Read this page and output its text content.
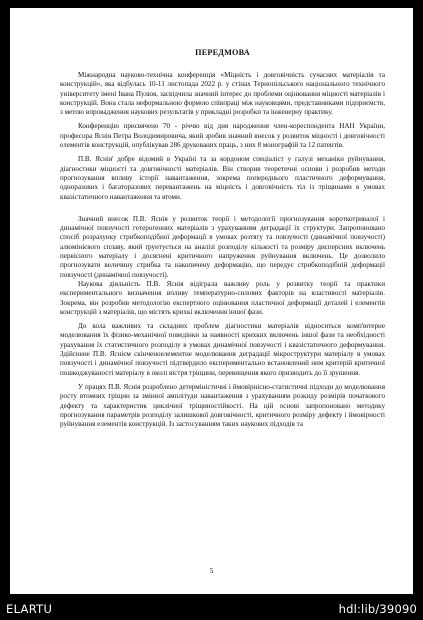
ПЕРЕДМОВА

Міжнародна науково-технічна конференція «Міцність і довговічність сучасних матеріалів та конструкцій», яка відбулась 10-11 листопада 2022 р. у стінах Тернопільського національного технічного університету імені Івана Пулюя, засвідчила значний інтерес до проблеми оцінювання міцності матеріалів і конструкцій. Вона стала неформальною формою співпраці між науковцями, представниками підприємств, з метою впровадження наукових результатів у прикладні розробки та інженерну практику.

Конференцію присвячено 70 - річчю від дня народження член-кореспондента НАН України, професора Яснія Петра Володимировича, який зробив значний внесок у розвиток міцності і довговічності елементів конструкцій, опублікував 286 друкованих праць, з них 8 монографій та 12 патентів.

П.В. Яснія' добре відомий в Україні та за кордоном спеціаліст у галузі механіки руйнування, діагностики міцності та довговічності матеріалів. Він створив теоретичні основи і розробив методи прогнозування впливу історії навантаження, зокрема попереднього пластичного деформування, одноразових і багаторазових перевантажень на міцність і довговічність тіл із тріщинами в умовах квазістатичного навантаження та втоми.

Значний внесок П.В. Яснія у розвиток теорії і методології прогнозування короткотривалої і динамічної повзучості гетерогенних матеріалів з урахуванням деградації їх структури. Запропоновано спосіб розрахунку стрибкоподібної деформації в умовах розтягу та повзучості (динамічної повзучості) алюмінієвого сплаву, який ґрунтується на аналізі розподілу кількості та розміру дисперсних включень первісного матеріалу і досягнені критичного напруження руйнування включень. Це дозволило прогнозувати величину стрибка та накопичену деформацію, що передує стрибкоподібній деформації повзучості (динамічної повзучості).

Наукова діяльність П.В. Яснія відіграла важливу роль у розвитку теорії та практики експериментального визначення впливу температурно-силових факторів на властивості матеріалів. Зокрема, він розробив методологію експертного оцінювання пластичної деформації деталей і елементів конструкцій з матеріалів, що містять крихкі включення іншої фази.

До кола важливих та складних проблем діагностики матеріалів відноситься комп'ютерне моделювання їх фізико-механічної поведінки за наявності крихких включень іншої фази та необхідності урахування їх статистичного розподілу в умовах динамічної повзучості і квазістатичного деформування. Здійснене П.В. Яснієм скінченоелементне моделювання деградації мікроструктури матеріалу в умовах повзучості і динамічної повзучості підтвердило експериментально встановлений ним критерій критичної пошкоджуваності матеріалу в околі вістря тріщини, перевищення якого призводить до її зрушення.

У працях П.В. Яснія розроблено детерміністичні і ймовірнісно-статистичні підходи до моделювання росту втомних тріщин за змінної амплітуди навантаження з урахуванням розкиду розмірів початкового дефекту та характеристик циклічної тріщиностійкості. На цій основі запропоновано методику прогнозування параметрів розподілу залишкової довговічності, критичного розміру дефекту і ймовірності руйнування елементів конструкцій. Із застосуванням таких наукових підходів та

5
ELARTU	hdl:lib/39090
